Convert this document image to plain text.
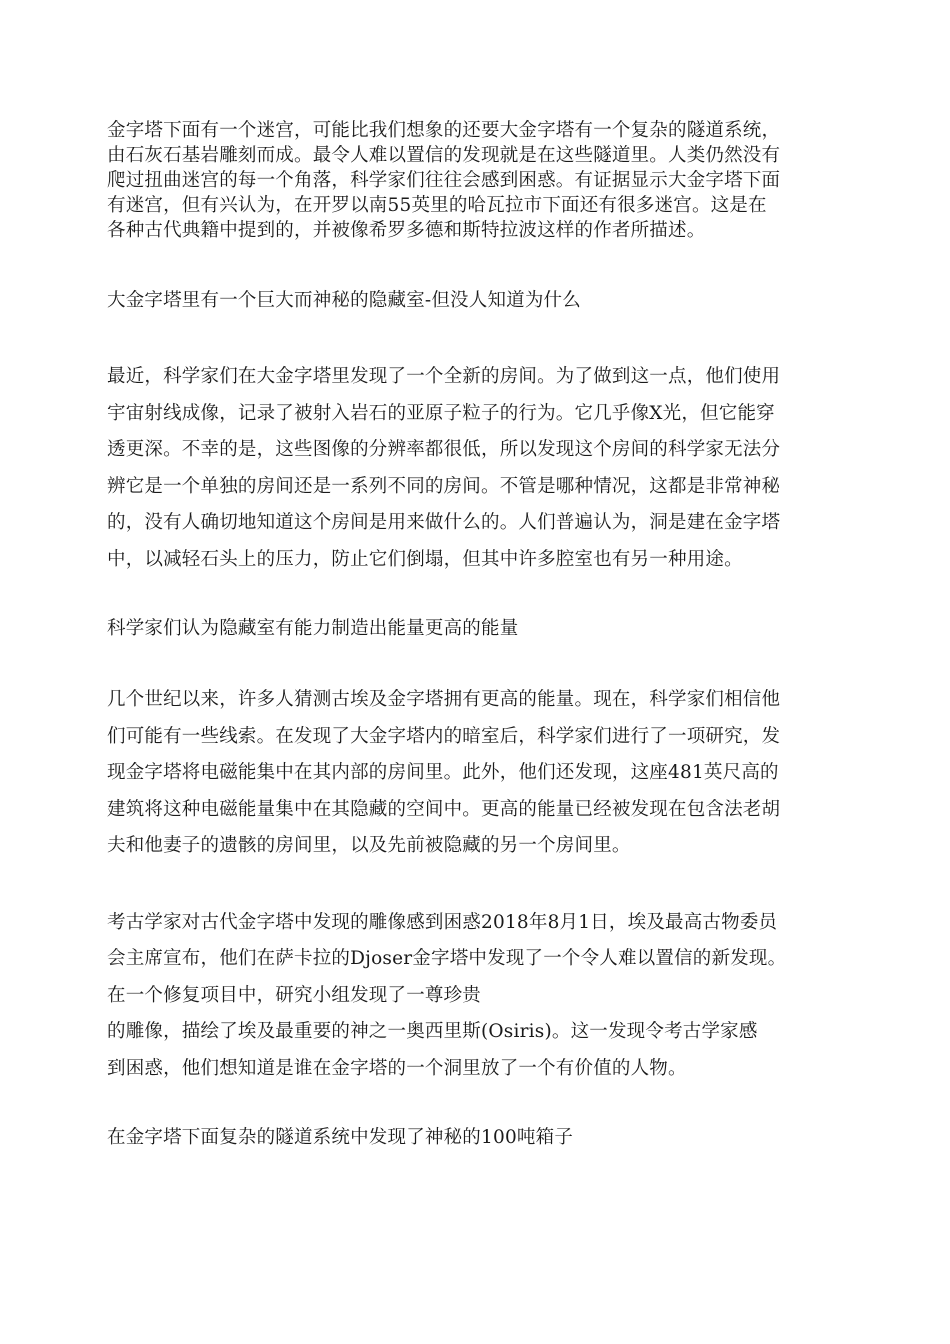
金字塔下面有一个迷宫，可能比我们想象的还要大金字塔有一个复杂的隧道系统，
由石灰石基岩雕刻而成。最令人难以置信的发现就是在这些隧道里。人类仍然没有
爬过扭曲迷宫的每一个角落，科学家们往往会感到困惑。有证据显示大金字塔下面
有迷宫，但有兴认为，在开罗以南55英里的哈瓦拉市下面还有很多迷宫。这是在
各种古代典籍中提到的，并被像希罗多德和斯特拉波这样的作者所描述。

大金字塔里有一个巨大而神秘的隐藏室-但没人知道为什么

最近，科学家们在大金字塔里发现了一个全新的房间。为了做到这一点，他们使用
宇宙射线成像，记录了被射入岩石的亚原子粒子的行为。它几乎像X光，但它能穿
透更深。不幸的是，这些图像的分辨率都很低，所以发现这个房间的科学家无法分
辨它是一个单独的房间还是一系列不同的房间。不管是哪种情况，这都是非常神秘
的，没有人确切地知道这个房间是用来做什么的。人们普遍认为，洞是建在金字塔
中，以减轻石头上的压力，防止它们倒塌，但其中许多腔室也有另一种用途。

科学家们认为隐藏室有能力制造出能量更高的能量

几个世纪以来，许多人猜测古埃及金字塔拥有更高的能量。现在，科学家们相信他
们可能有一些线索。在发现了大金字塔内的暗室后，科学家们进行了一项研究，发
现金字塔将电磁能集中在其内部的房间里。此外，他们还发现，这座481英尺高的
建筑将这种电磁能量集中在其隐藏的空间中。更高的能量已经被发现在包含法老胡
夫和他妻子的遗骸的房间里，以及先前被隐藏的另一个房间里。

考古学家对古代金字塔中发现的雕像感到困惑2018年8月1日，埃及最高古物委员
会主席宣布，他们在萨卡拉的Djoser金字塔中发现了一个令人难以置信的新发现。
在一个修复项目中，研究小组发现了一尊珍贵
的雕像，描绘了埃及最重要的神之一奥西里斯(Osiris)。这一发现令考古学家感
到困惑，他们想知道是谁在金字塔的一个洞里放了一个有价值的人物。

在金字塔下面复杂的隧道系统中发现了神秘的100吨箱子
